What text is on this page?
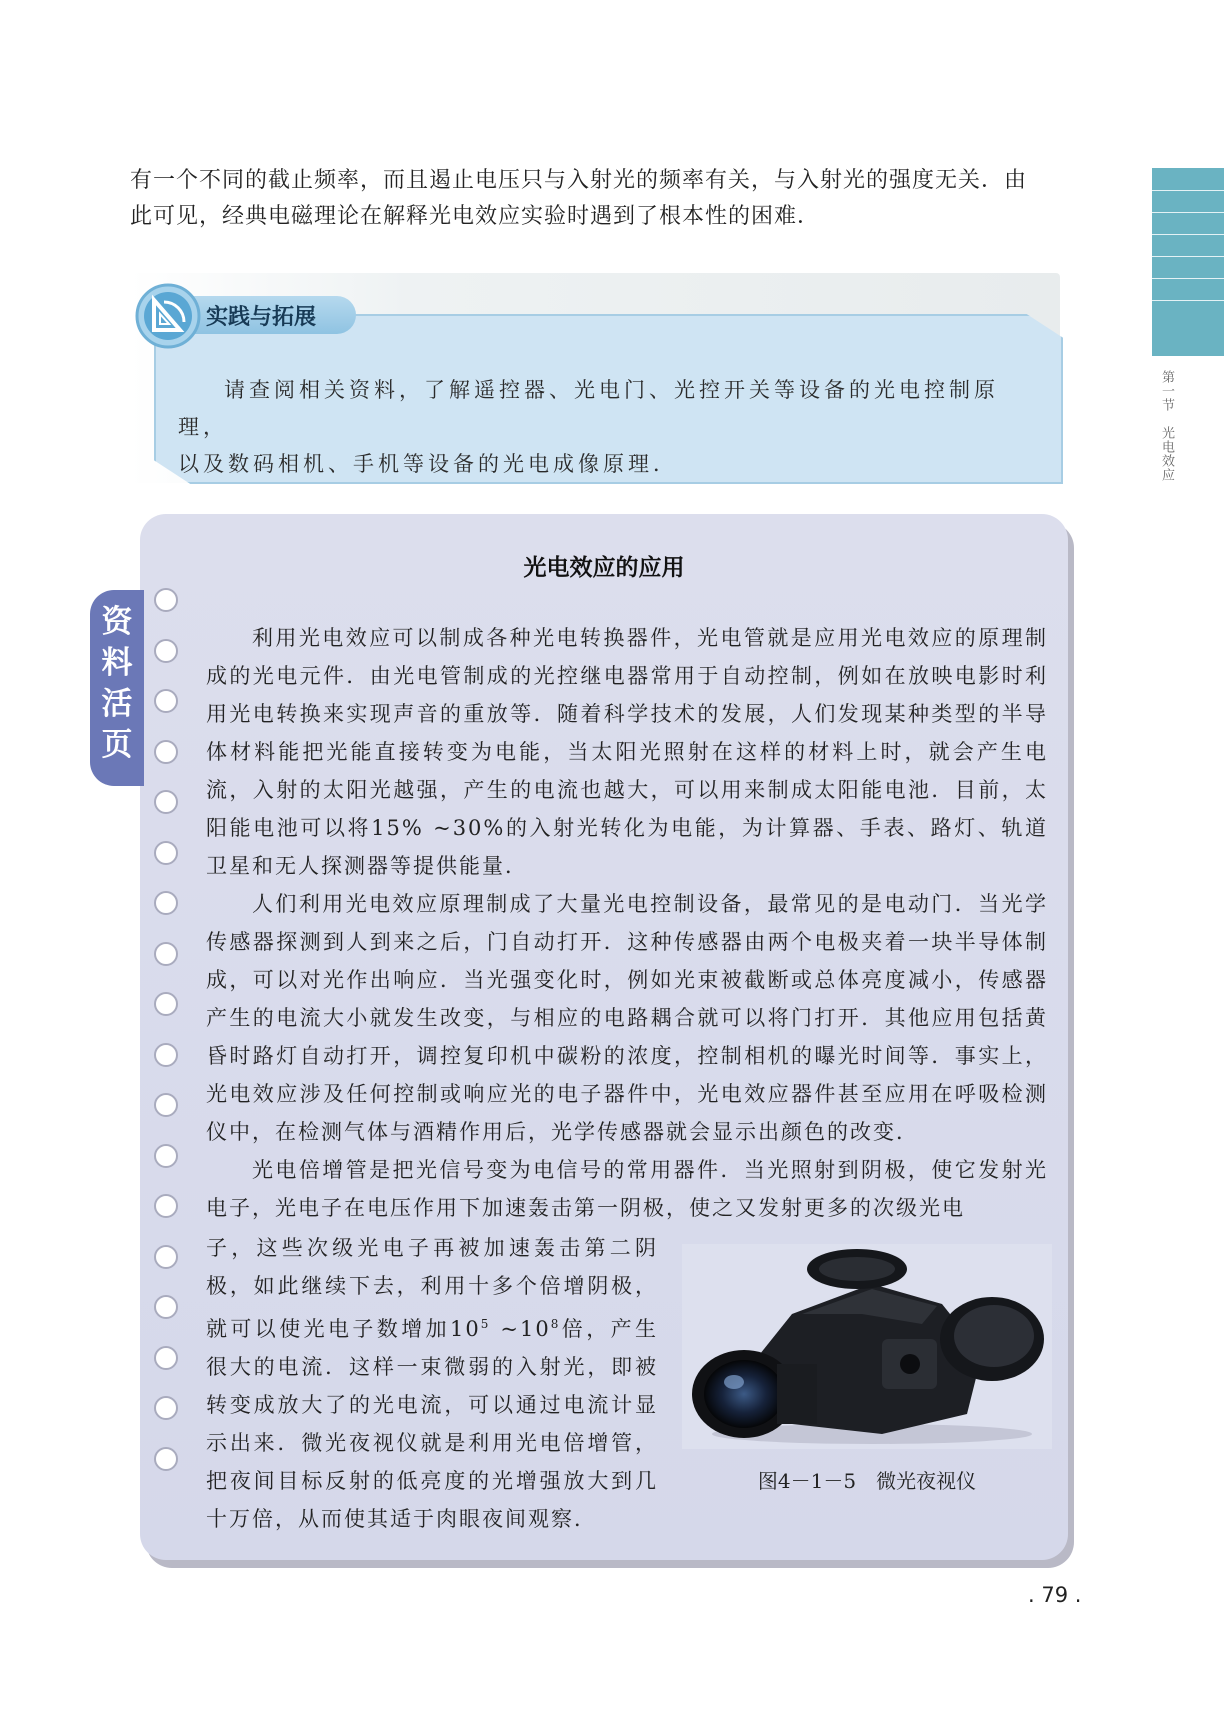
有一个不同的截止频率，而且遏止电压只与入射光的频率有关，与入射光的强度无关．由

此可见，经典电磁理论在解释光电效应实验时遇到了根本性的困难．

第一节光电效应
实践与拓展

请查阅相关资料，了解遥控器、光电门、光控开关等设备的光电控制原理，

以及数码相机、手机等设备的光电成像原理．

资料活页
光电效应的应用

利用光电效应可以制成各种光电转换器件，光电管就是应用光电效应的原理制成的光电元件．由光电管制成的光控继电器常用于自动控制，例如在放映电影时利用光电转换来实现声音的重放等．随着科学技术的发展，人们发现某种类型的半导体材料能把光能直接转变为电能，当太阳光照射在这样的材料上时，就会产生电流，入射的太阳光越强，产生的电流也越大，可以用来制成太阳能电池．目前，太阳能电池可以将15% ~30%的入射光转化为电能，为计算器、手表、路灯、轨道卫星和无人探测器等提供能量．

人们利用光电效应原理制成了大量光电控制设备，最常见的是电动门．当光学传感器探测到人到来之后，门自动打开．这种传感器由两个电极夹着一块半导体制成，可以对光作出响应．当光强变化时，例如光束被截断或总体亮度减小，传感器产生的电流大小就发生改变，与相应的电路耦合就可以将门打开．其他应用包括黄昏时路灯自动打开，调控复印机中碳粉的浓度，控制相机的曝光时间等．事实上，光电效应涉及任何控制或响应光的电子器件中，光电效应器件甚至应用在呼吸检测仪中，在检测气体与酒精作用后，光学传感器就会显示出颜色的改变．

光电倍增管是把光信号变为电信号的常用器件．当光照射到阴极，使它发射光电子，光电子在电压作用下加速轰击第一阴极，使之又发射更多的次级光电

子，这些次级光电子再被加速轰击第二阴极，如此继续下去，利用十多个倍增阴极，就可以使光电子数增加$10^5$ $\sim 10^8$倍，产生很大的电流．这样一束微弱的入射光，即被转变成放大了的光电流，可以通过电流计显示出来．微光夜视仪就是利用光电倍增管，把夜间目标反射的低亮度的光增强放大到几十万倍，从而使其适于肉眼夜间观察．

图4－1－5　微光夜视仪
. 79 .
